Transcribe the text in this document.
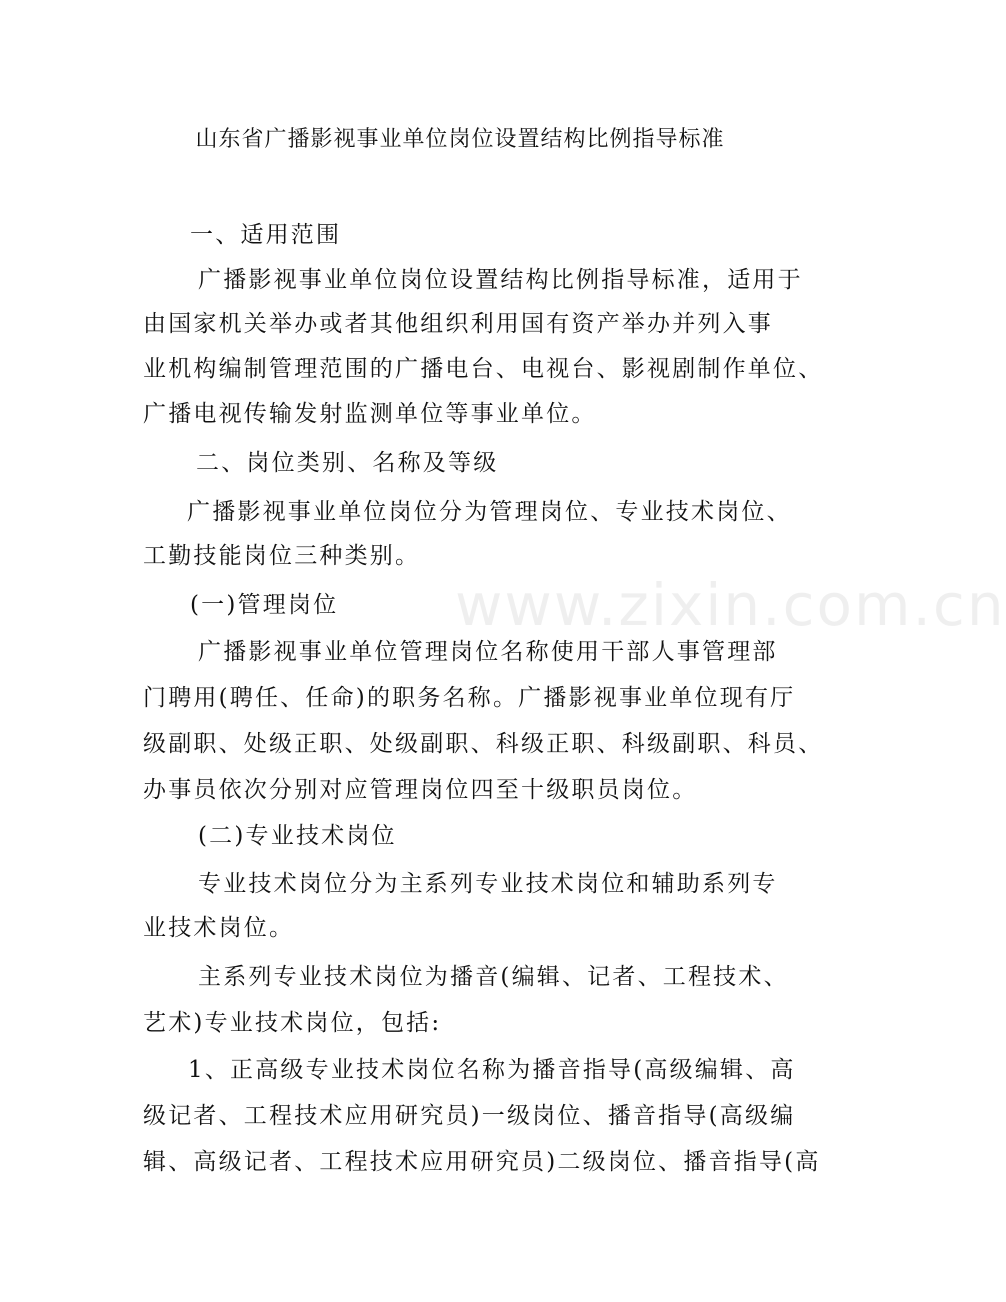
www.zixin.com.cn
山东省广播影视事业单位岗位设置结构比例指导标准
一、适用范围
广播影视事业单位岗位设置结构比例指导标准，适用于
由国家机关举办或者其他组织利用国有资产举办并列入事
业机构编制管理范围的广播电台、电视台、影视剧制作单位、
广播电视传输发射监测单位等事业单位。
二、岗位类别、名称及等级
广播影视事业单位岗位分为管理岗位、专业技术岗位、
工勤技能岗位三种类别。
(一)管理岗位
广播影视事业单位管理岗位名称使用干部人事管理部
门聘用(聘任、任命)的职务名称。广播影视事业单位现有厅
级副职、处级正职、处级副职、科级正职、科级副职、科员、
办事员依次分别对应管理岗位四至十级职员岗位。
(二)专业技术岗位
专业技术岗位分为主系列专业技术岗位和辅助系列专
业技术岗位。
主系列专业技术岗位为播音(编辑、记者、工程技术、
艺术)专业技术岗位，包括:
1、正高级专业技术岗位名称为播音指导(高级编辑、高
级记者、工程技术应用研究员)一级岗位、播音指导(高级编
辑、高级记者、工程技术应用研究员)二级岗位、播音指导(高
